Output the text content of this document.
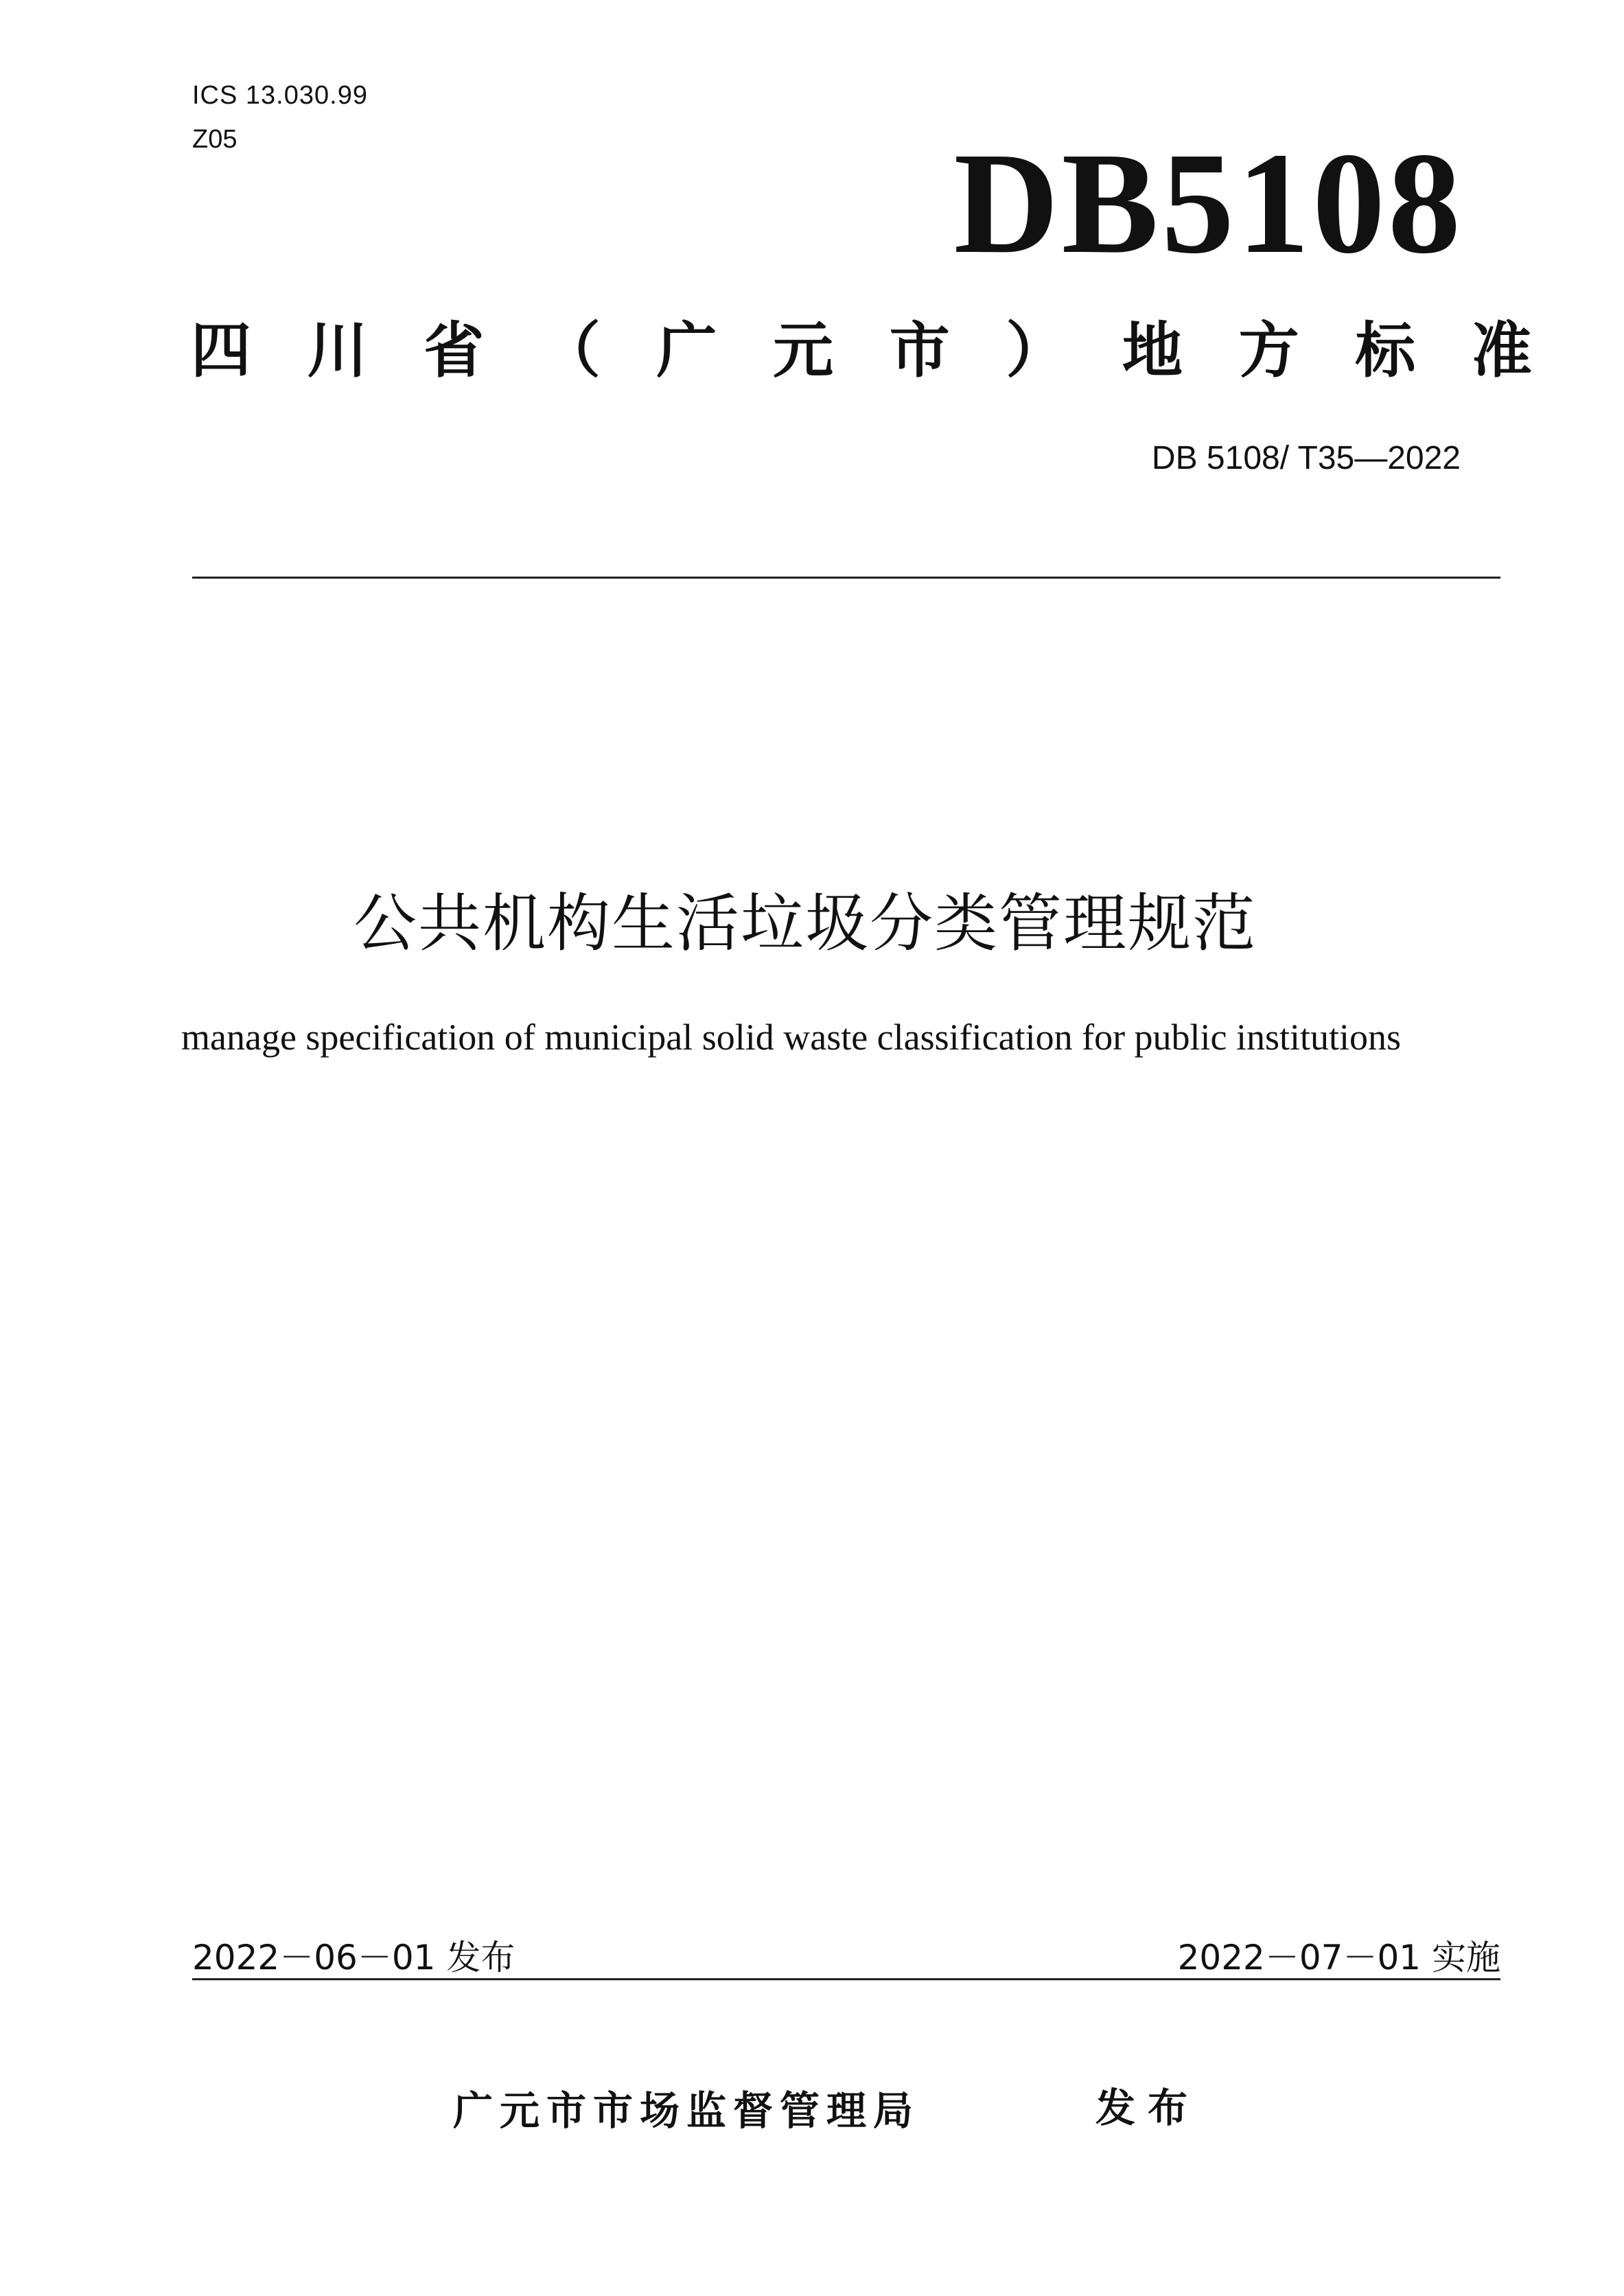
ICS 13.030.99
Z05	DB5108
四 川 省 （ 广 元 市 ） 地 方 标 准
DB 5108/ T35—2022
公共机构生活垃圾分类管理规范
manage specification of municipal solid waste classification for public institutions
2022－06－01 发布	2022－07－01 实施
广元市市场监督管理局	发布
